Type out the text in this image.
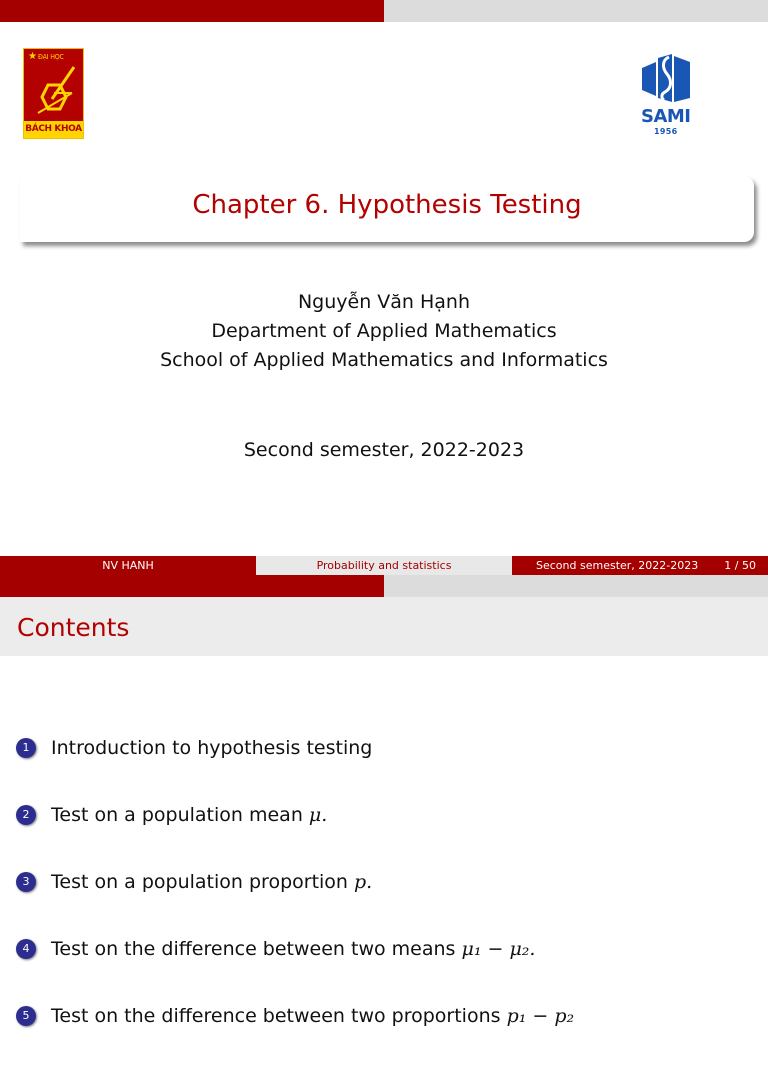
★ ĐẠI HỌC
BÁCH KHOA
SAMI
1956
Chapter 6. Hypothesis Testing
Nguyễn Văn Hạnh
Department of Applied Mathematics
School of Applied Mathematics and Informatics
Second semester, 2022-2023
NV HANH	Probability and statistics	Second semester, 2022-2023 1 / 50
Contents
1	Introduction to hypothesis testing
2	Test on a population mean μ.
3	Test on a population proportion p.
4	Test on the difference between two means μ₁ − μ₂.
5	Test on the difference between two proportions p₁ − p₂
